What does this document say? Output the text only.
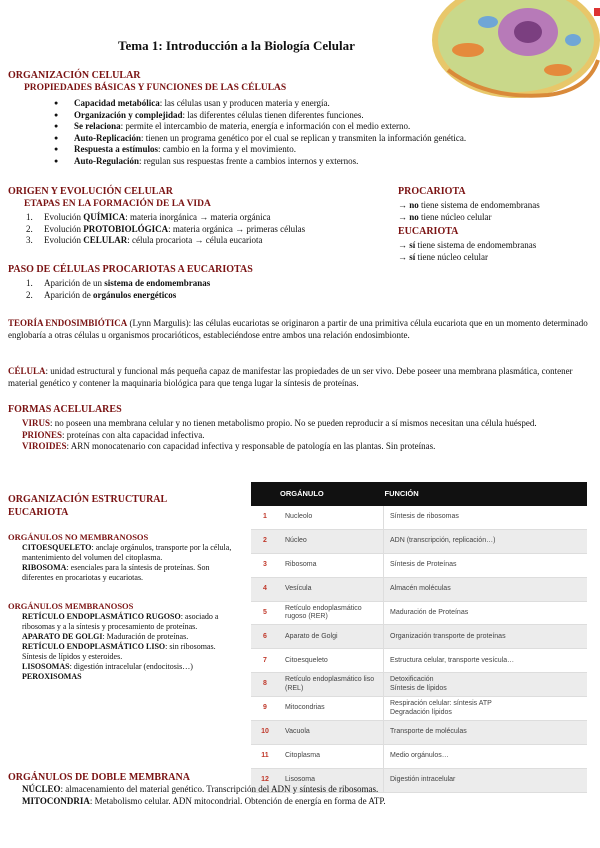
Tema 1: Introducción a la Biología Celular
ORGANIZACIÓN CELULAR
PROPIEDADES BÁSICAS Y FUNCIONES DE LAS CÉLULAS
● Capacidad metabólica: las células usan y producen materia y energía.
● Organización y complejidad: las diferentes células tienen diferentes funciones.
● Se relaciona: permite el intercambio de materia, energía e información con el medio externo.
● Auto-Replicación: tienen un programa genético por el cual se replican y transmiten la información genética.
● Respuesta a estímulos: cambio en la forma y el movimiento.
● Auto-Regulación: regulan sus respuestas frente a cambios internos y externos.
ORIGEN Y EVOLUCIÓN CELULAR
ETAPAS EN LA FORMACIÓN DE LA VIDA
1. Evolución QUÍMICA: materia inorgánica → materia orgánica
2. Evolución PROTOBIOLÓGICA: materia orgánica → primeras células
3. Evolución CELULAR: célula procariota → célula eucariota
PROCARIOTA

→ no tiene sistema de endomembranas

→ no tiene núcleo celular

EUCARIOTA

→ sí tiene sistema de endomembranas

→ sí tiene núcleo celular

PASO DE CÉLULAS PROCARIOTAS A EUCARIOTAS
1. Aparición de un sistema de endomembranas
2. Aparición de orgánulos energéticos

TEORÍA ENDOSIMBIÓTICA (Lynn Margulis): las células eucariotas se originaron a partir de una primitiva célula eucariota que en un momento determinado englobaría a otras células u organismos procarióticos, estableciéndose entre ambos una relación endosimbionte.

CÉLULA: unidad estructural y funcional más pequeña capaz de manifestar las propiedades de un ser vivo. Debe poseer una membrana plasmática, contener material genético y contener la maquinaria biológica para que tenga lugar la síntesis de proteínas.

FORMAS ACELULARES

VIRUS: no poseen una membrana celular y no tienen metabolismo propio. No se pueden reproducir a sí mismos necesitan una célula huésped.

PRIONES: proteínas con alta capacidad infectiva.

VIROIDES: ARN monocatenario con capacidad infectiva y responsable de patología en las plantas. Sin proteínas.

ORGANIZACIÓN ESTRUCTURAL EUCARIOTA
ORGÁNULOS NO MEMBRANOSOS

CITOESQUELETO: anclaje orgánulos, transporte por la célula, mantenimiento del volumen del citoplasma.

RIBOSOMA: esenciales para la síntesis de proteínas. Son diferentes en procariotas y eucariotas.

ORGÁNULOS MEMBRANOSOS

RETÍCULO ENDOPLASMÁTICO RUGOSO: asociado a ribosomas y a la síntesis y procesamiento de proteínas.

APARATO DE GOLGI: Maduración de proteínas.

RETÍCULO ENDOPLASMÁTICO LISO: sin ribosomas. Síntesis de lípidos y esteroides.

LISOSOMAS: digestión intracelular (endocitosis…)

PEROXISOMAS

	ORGÁNULO	FUNCIÓN
1	Nucleolo	Síntesis de ribosomas
2	Núcleo	ADN (transcripción, replicación…)
3	Ribosoma	Síntesis de Proteínas
4	Vesícula	Almacén moléculas
5	Retículo endoplasmático rugoso (RER)	Maduración de Proteínas
6	Aparato de Golgi	Organización transporte de proteínas
7	Citoesqueleto	Estructura celular, transporte vesícula…
8	Retículo endoplasmático liso (REL)	Detoxificación
Síntesis de lípidos
9	Mitocondrias	Respiración celular: síntesis ATP
Degradación lípidos
10	Vacuola	Transporte de moléculas
11	Citoplasma	Medio orgánulos…
12	Lisosoma	Digestión intracelular
ORGÁNULOS DE DOBLE MEMBRANA

NÚCLEO: almacenamiento del material genético. Transcripción del ADN y síntesis de ribosomas.

MITOCONDRIA: Metabolismo celular. ADN mitocondrial. Obtención de energía en forma de ATP.
